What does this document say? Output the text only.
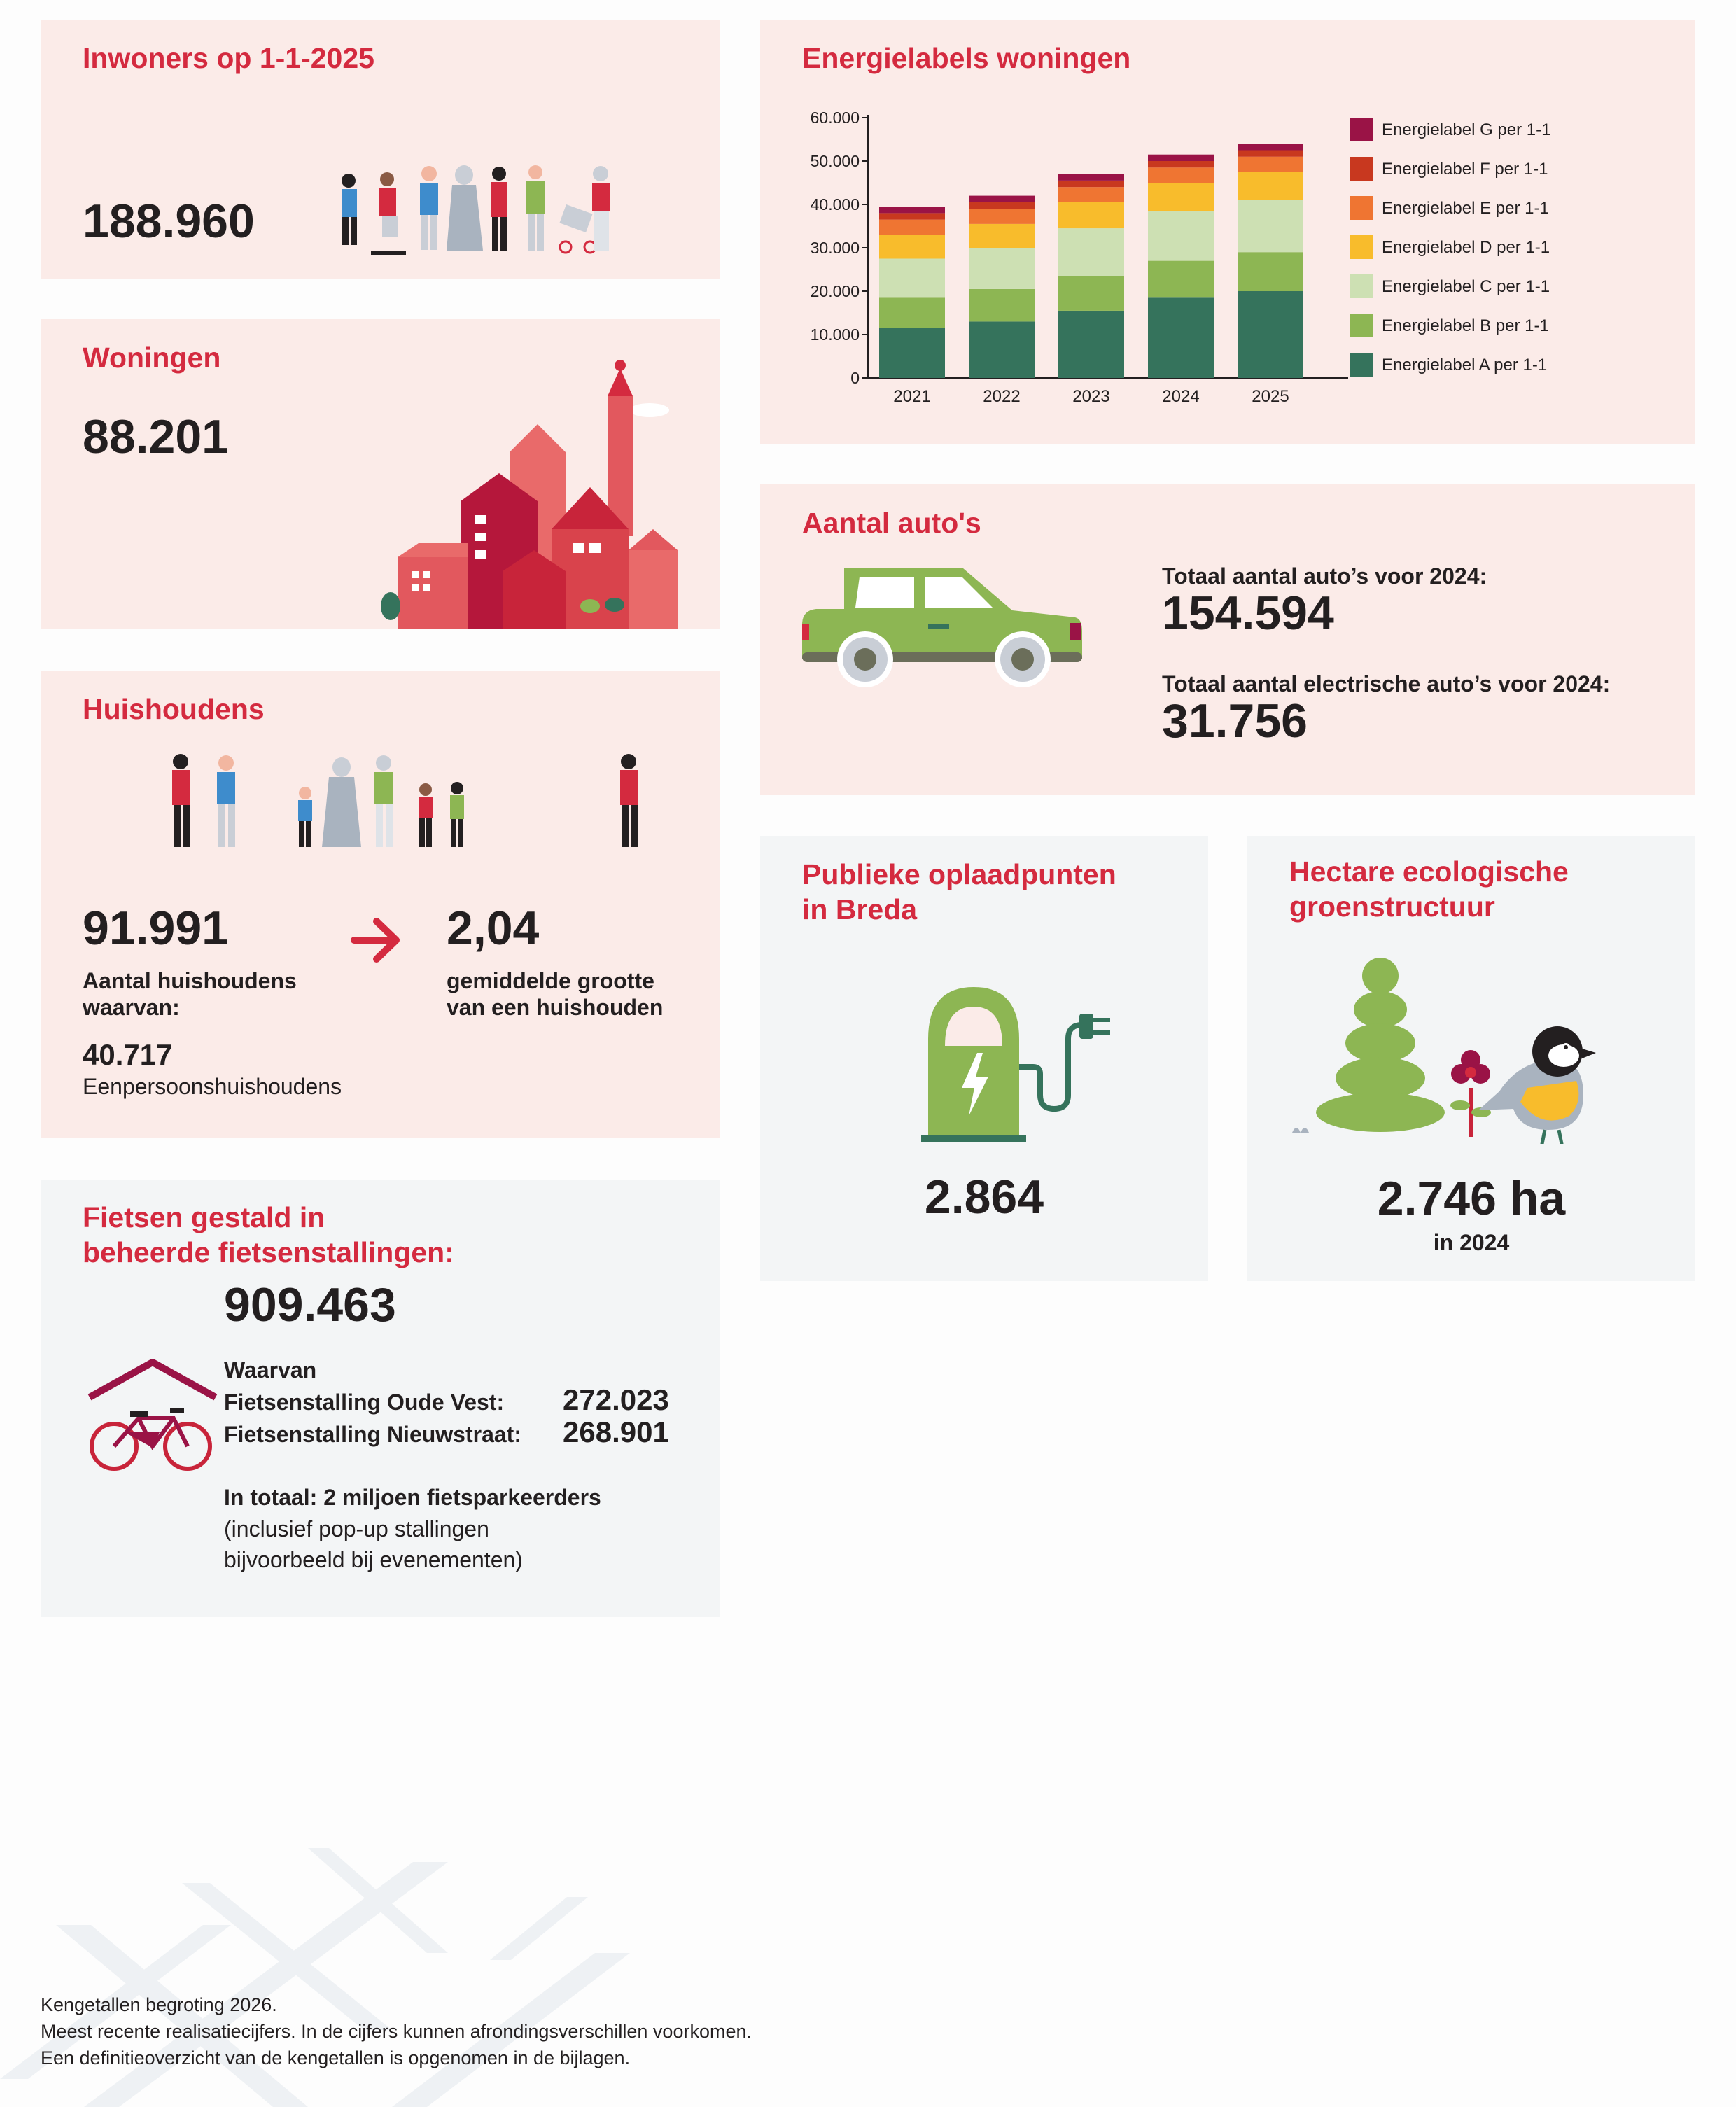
Inwoners op 1-1-2025
188.960
Woningen
88.201
Huishoudens
91.991
Aantal huishoudens
waarvan:
2,04
gemiddelde grootte
van een huishouden
40.717
Eenpersoonshuishoudens
Fietsen gestald in
beheerde fietsenstallingen:
909.463
Waarvan
Fietsenstalling Oude Vest: 272.023
Fietsenstalling Nieuwstraat: 268.901
In totaal: 2 miljoen fietsparkeerders
(inclusief pop-up stallingen
bijvoorbeeld bij evenementen)
Energielabels woningen
0
10.000
20.000
30.000
40.000
50.000
60.000
2021	2022	2023	2024	2025
Energielabel G per 1-1
Energielabel F per 1-1
Energielabel E per 1-1
Energielabel D per 1-1
Energielabel C per 1-1
Energielabel B per 1-1
Energielabel A per 1-1
Aantal auto's
Totaal aantal auto’s voor 2024:
154.594
Totaal aantal electrische auto’s voor 2024:
31.756
Publieke oplaadpunten
in Breda
2.864
Hectare ecologische
groenstructuur
2.746 ha
in 2024
Kengetallen begroting 2026.
Meest recente realisatiecijfers. In de cijfers kunnen afrondingsverschillen voorkomen.
Een definitieoverzicht van de kengetallen is opgenomen in de bijlagen.
